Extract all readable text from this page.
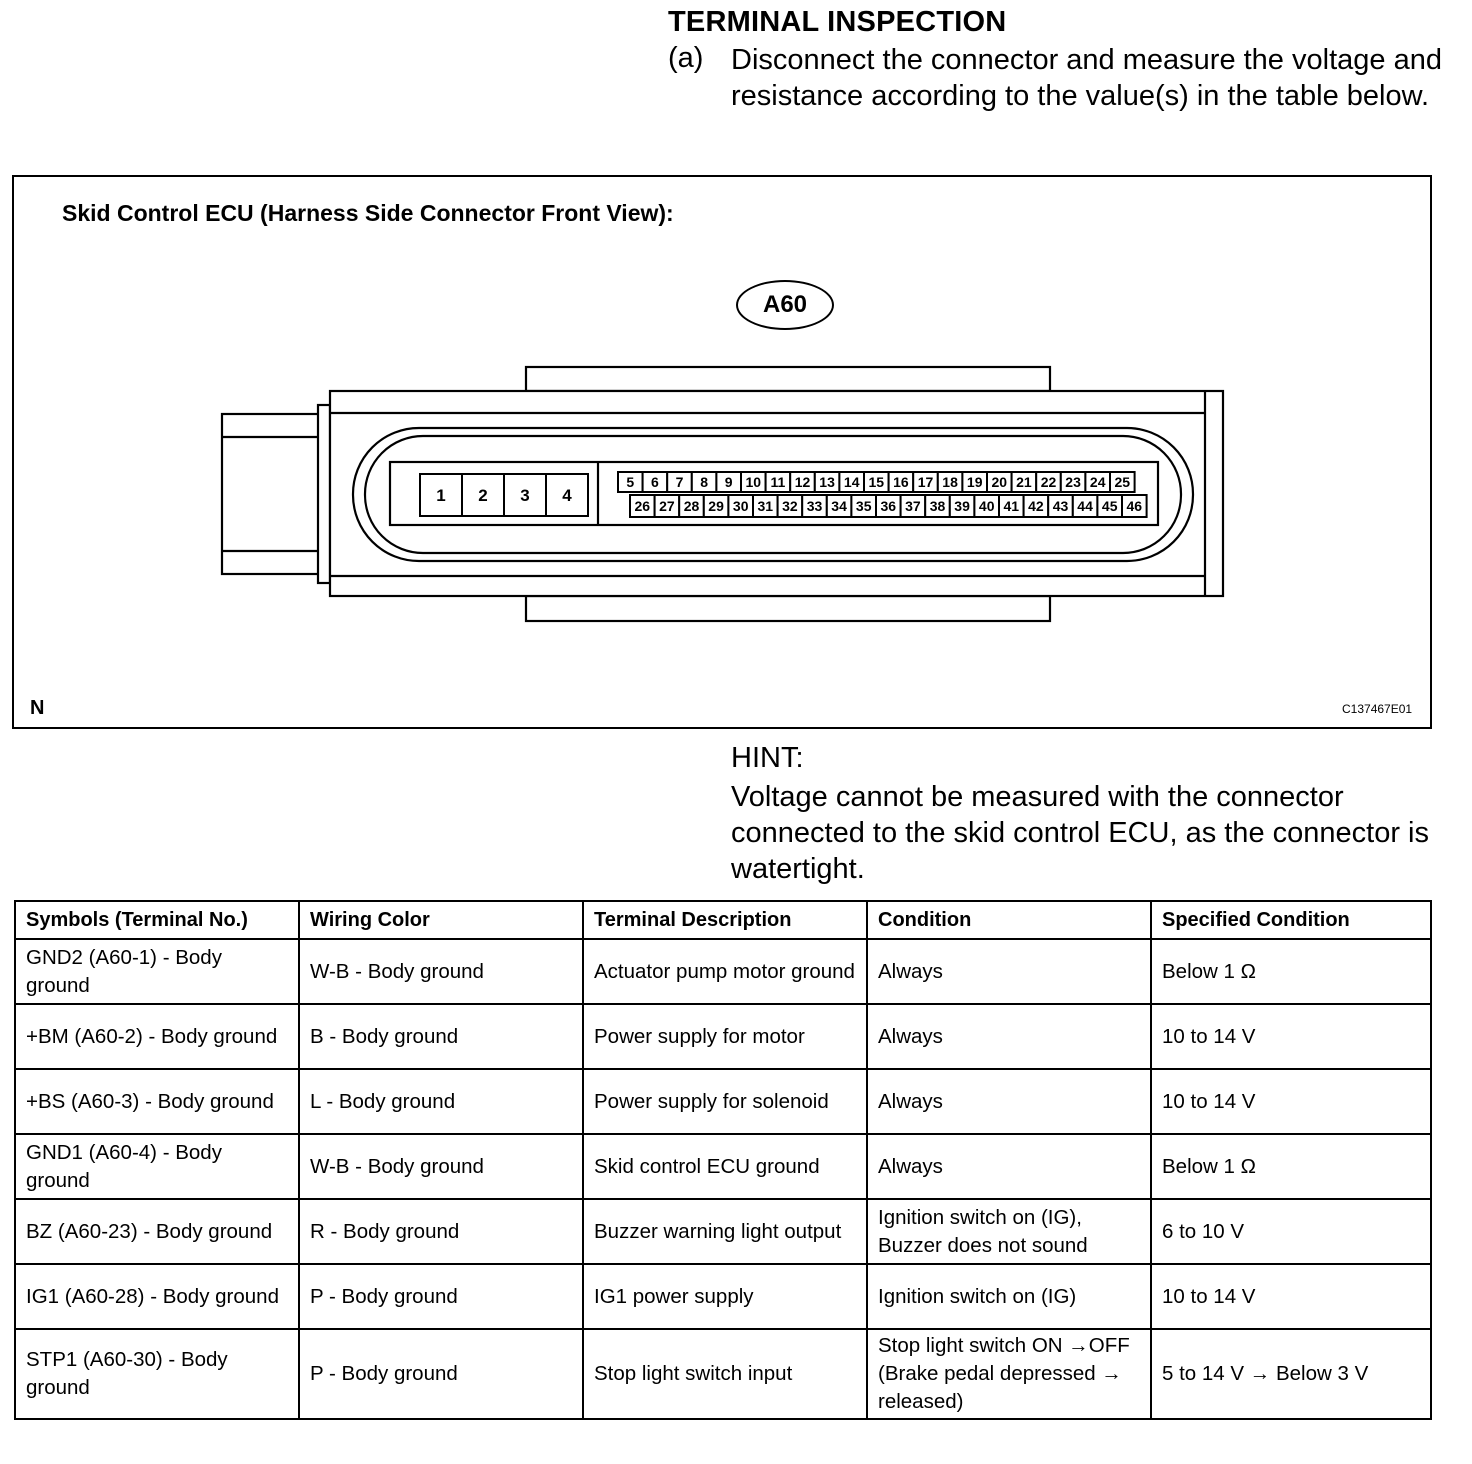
TERMINAL INSPECTION
(a) Disconnect the connector and measure the voltage and resistance according to the value(s) in the table below.
Skid Control ECU (Harness Side Connector Front View):
A60
1 2 3 4
5 6 7 8 9 10 11 12 13 14 15 16 17 18 19 20 21 22 23 24 25
26 27 28 29 30 31 32 33 34 35 36 37 38 39 40 41 42 43 44 45 46
N	C137467E01
HINT:
Voltage cannot be measured with the connector connected to the skid control ECU, as the connector is watertight.
Symbols (Terminal No.)	Wiring Color	Terminal Description	Condition	Specified Condition
GND2 (A60-1) - Body ground	W-B - Body ground	Actuator pump motor ground	Always	Below 1 Ω
+BM (A60-2) - Body ground	B - Body ground	Power supply for motor	Always	10 to 14 V
+BS (A60-3) - Body ground	L - Body ground	Power supply for solenoid	Always	10 to 14 V
GND1 (A60-4) - Body ground	W-B - Body ground	Skid control ECU ground	Always	Below 1 Ω
BZ (A60-23) - Body ground	R - Body ground	Buzzer warning light output	Ignition switch on (IG), Buzzer does not sound	6 to 10 V
IG1 (A60-28) - Body ground	P - Body ground	IG1 power supply	Ignition switch on (IG)	10 to 14 V
STP1 (A60-30) - Body ground	P - Body ground	Stop light switch input	Stop light switch ON →OFF (Brake pedal depressed → released)	5 to 14 V → Below 3 V
